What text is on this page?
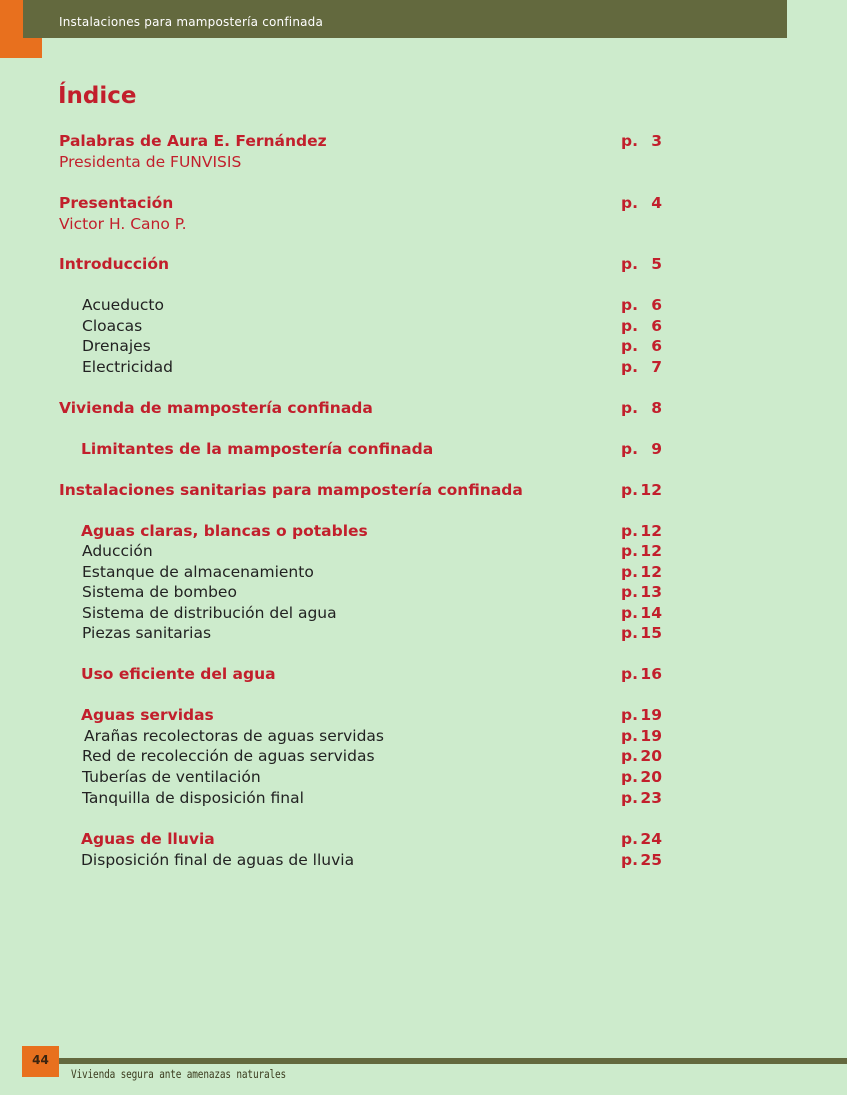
Instalaciones para mampostería confinada
Índice
Palabras de Aura E. Fernández	p. 3
Presidenta de FUNVISIS
Presentación	p. 4
Victor H. Cano P.
Introducción	p. 5
Acueducto	p. 6
Cloacas	p. 6
Drenajes	p. 6
Electricidad	p. 7
Vivienda de mampostería confinada	p. 8
Limitantes de la mampostería confinada	p. 9
Instalaciones sanitarias para mampostería confinada	p. 12
Aguas claras, blancas o potables	p. 12
Aducción	p. 12
Estanque de almacenamiento	p. 12
Sistema de bombeo	p. 13
Sistema de distribución del agua	p. 14
Piezas sanitarias	p. 15
Uso eficiente del agua	p. 16
Aguas servidas	p. 19
Arañas recolectoras de aguas servidas	p. 19
Red de recolección de aguas servidas	p. 20
Tuberías de ventilación	p. 20
Tanquilla de disposición final	p. 23
Aguas de lluvia	p. 24
Disposición final de aguas de lluvia	p. 25
44
Vivienda segura ante amenazas naturales
